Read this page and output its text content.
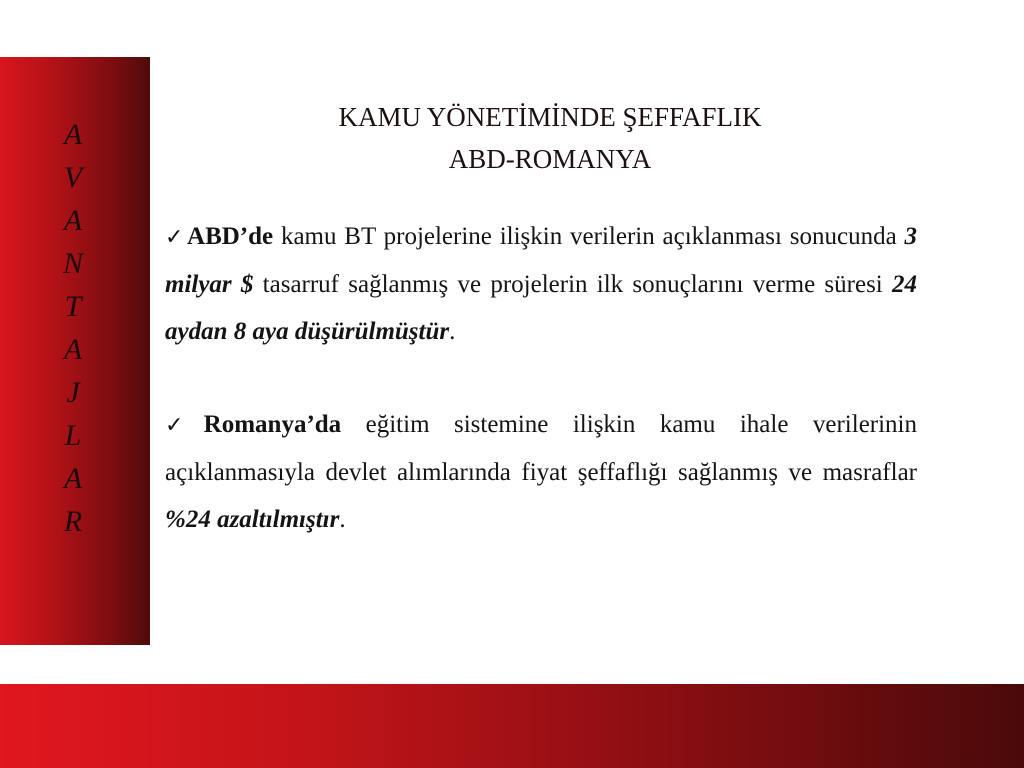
A
V
A
N
T
A
J
L
A
R
KAMU YÖNETİMİNDE ŞEFFAFLIK
ABD-ROMANYA
✓ABD’de kamu BT projelerine ilişkin verilerin açıklanması sonucunda 3 milyar $ tasarruf sağlanmış ve projelerin ilk sonuçlarını verme süresi 24 aydan 8 aya düşürülmüştür.
✓Romanya’da eğitim sistemine ilişkin kamu ihale verilerinin açıklanmasıyla devlet alımlarında fiyat şeffaflığı sağlanmış ve masraflar %24 azaltılmıştır.
